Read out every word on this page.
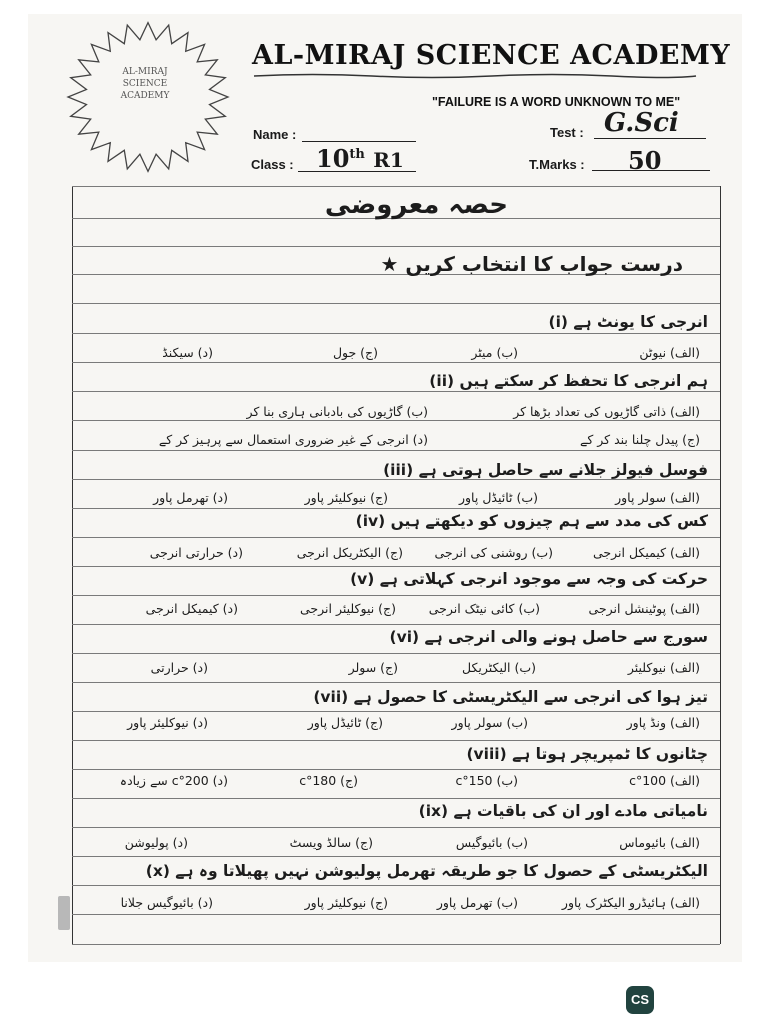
AL-MIRAJ
SCIENCE
ACADEMY
AL-MIRAJ SCIENCE ACADEMY
"FAILURE IS A WORD UNKNOWN TO ME"
Name :	Test : G.Sci
Class : 10th R1	T.Marks : 50
حصہ معروضی
درست جواب کا انتخاب کریں ★
(i) انرجی کا یونٹ ہے
(الف) نیوٹن
(ب) میٹر
(ج) جول
(د) سیکنڈ
(ii) ہم انرجی کا تحفظ کر سکتے ہیں
(الف) ذاتی گاڑیوں کی تعداد بڑھا کر
(ب) گاڑیوں کی بادبانی ہاری بنا کر
(ج) پیدل چلنا بند کر کے
(د) انرجی کے غیر ضروری استعمال سے پرہیز کر کے
(iii) فوسل فیولز جلانے سے حاصل ہوتی ہے
(الف) سولر پاور
(ب) ٹائیڈل پاور
(ج) نیوکلیئر پاور
(د) تھرمل پاور
(iv) کس کی مدد سے ہم چیزوں کو دیکھتے ہیں
(الف) کیمیکل انرجی
(ب) روشنی کی انرجی
(ج) الیکٹریکل انرجی
(د) حرارتی انرجی
(v) حرکت کی وجہ سے موجود انرجی کہلاتی ہے
(الف) پوٹینشل انرجی
(ب) کائی نیٹک انرجی
(ج) نیوکلیئر انرجی
(د) کیمیکل انرجی
(vi) سورج سے حاصل ہونے والی انرجی ہے
(الف) نیوکلیئر
(ب) الیکٹریکل
(ج) سولر
(د) حرارتی
(vii) تیز ہوا کی انرجی سے الیکٹریسٹی کا حصول ہے
(الف) ونڈ پاور
(ب) سولر پاور
(ج) ٹائیڈل پاور
(د) نیوکلیئر پاور
(viii) چٹانوں کا ٹمپریچر ہوتا ہے
(الف) 100°c
(ب) 150°c
(ج) 180°c
(د) 200°c سے زیادہ
(ix) نامیاتی مادے اور ان کی باقیات ہے
(الف) بائیوماس
(ب) بائیوگیس
(ج) سالڈ ویسٹ
(د) پولیوشن
(x) الیکٹریسٹی کے حصول کا جو طریقہ تھرمل پولیوشن نہیں پھیلاتا وہ ہے
(الف) ہائیڈرو الیکٹرک پاور
(ب) تھرمل پاور
(ج) نیوکلیئر پاور
(د) بائیوگیس جلانا
CS
